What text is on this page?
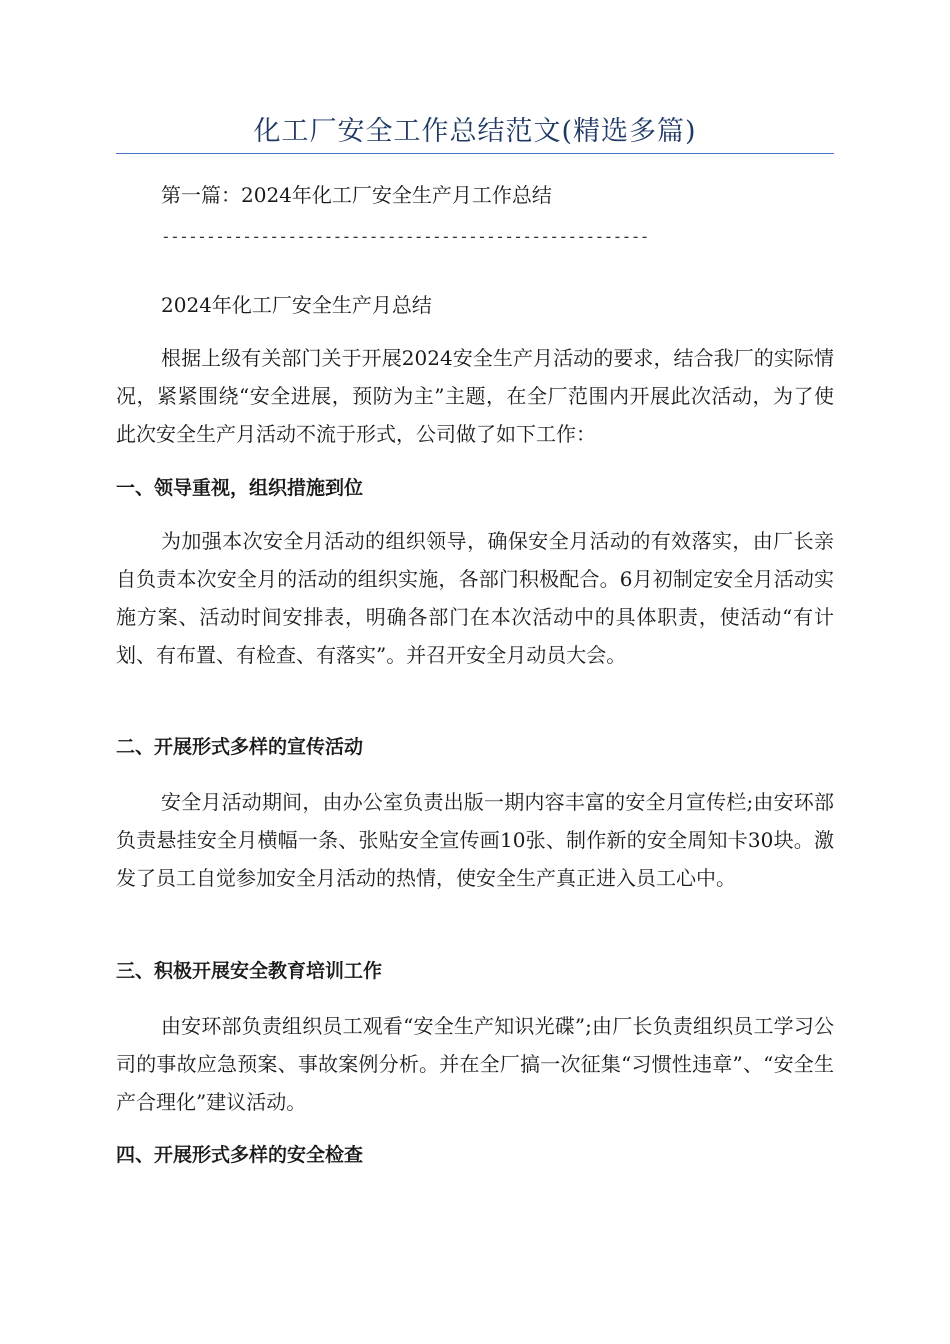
化工厂安全工作总结范文(精选多篇)

第一篇：2024年化工厂安全生产月工作总结

------------------------------------------------------

2024年化工厂安全生产月总结

根据上级有关部门关于开展2024安全生产月活动的要求，结合我厂的实际情况，紧紧围绕“安全进展，预防为主”主题，在全厂范围内开展此次活动，为了使此次安全生产月活动不流于形式，公司做了如下工作：

一、领导重视，组织措施到位

为加强本次安全月活动的组织领导，确保安全月活动的有效落实，由厂长亲自负责本次安全月的活动的组织实施，各部门积极配合。6月初制定安全月活动实施方案、活动时间安排表，明确各部门在本次活动中的具体职责，使活动“有计划、有布置、有检查、有落实”。并召开安全月动员大会。

二、开展形式多样的宣传活动

安全月活动期间，由办公室负责出版一期内容丰富的安全月宣传栏;由安环部负责悬挂安全月横幅一条、张贴安全宣传画10张、制作新的安全周知卡30块。激发了员工自觉参加安全月活动的热情，使安全生产真正进入员工心中。

三、积极开展安全教育培训工作

由安环部负责组织员工观看“安全生产知识光碟”;由厂长负责组织员工学习公司的事故应急预案、事故案例分析。并在全厂搞一次征集“习惯性违章”、“安全生产合理化”建议活动。

四、开展形式多样的安全检查
